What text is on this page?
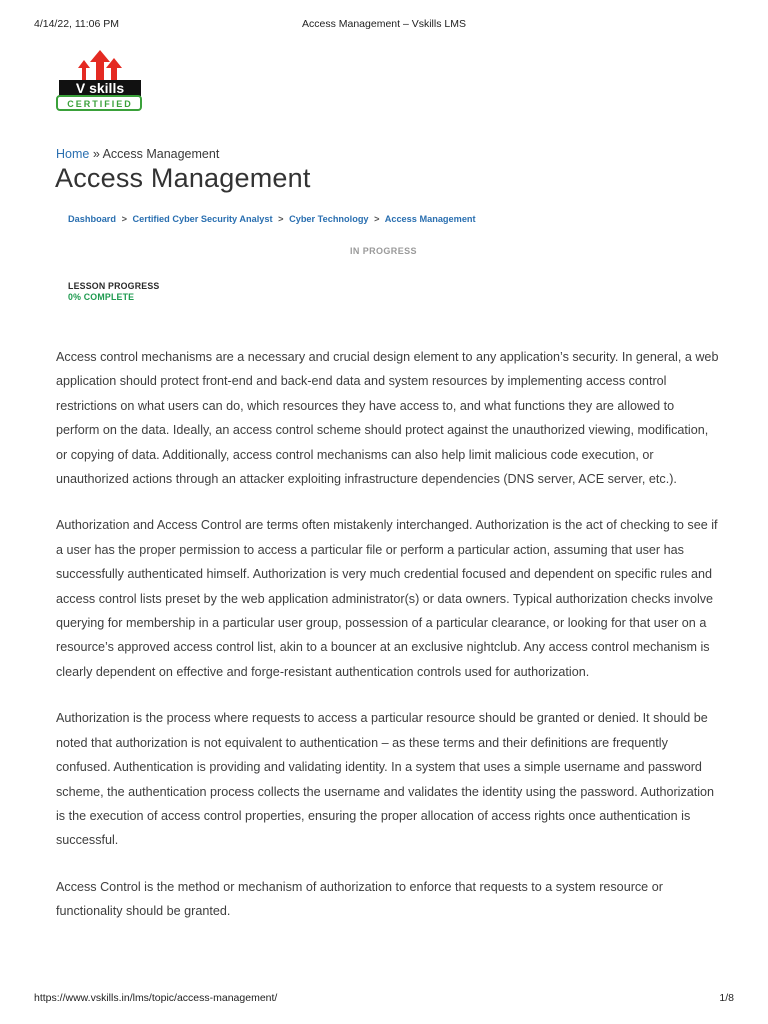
4/14/22, 11:06 PM	Access Management – Vskills LMS
V skills
CERTIFIED
Home » Access Management
Access Management
Dashboard > Certified Cyber Security Analyst > Cyber Technology > Access Management
IN PROGRESS
LESSON PROGRESS
0% COMPLETE

Access control mechanisms are a necessary and crucial design element to any application’s security. In general, a web application should protect front-end and back-end data and system resources by implementing access control restrictions on what users can do, which resources they have access to, and what functions they are allowed to perform on the data. Ideally, an access control scheme should protect against the unauthorized viewing, modification, or copying of data. Additionally, access control mechanisms can also help limit malicious code execution, or unauthorized actions through an attacker exploiting infrastructure dependencies (DNS server, ACE server, etc.).

Authorization and Access Control are terms often mistakenly interchanged. Authorization is the act of checking to see if a user has the proper permission to access a particular file or perform a particular action, assuming that user has successfully authenticated himself. Authorization is very much credential focused and dependent on specific rules and access control lists preset by the web application administrator(s) or data owners. Typical authorization checks involve querying for membership in a particular user group, possession of a particular clearance, or looking for that user on a resource’s approved access control list, akin to a bouncer at an exclusive nightclub. Any access control mechanism is clearly dependent on effective and forge-resistant authentication controls used for authorization.

Authorization is the process where requests to access a particular resource should be granted or denied. It should be noted that authorization is not equivalent to authentication – as these terms and their definitions are frequently confused. Authentication is providing and validating identity. In a system that uses a simple username and password scheme, the authentication process collects the username and validates the identity using the password. Authorization is the execution of access control properties, ensuring the proper allocation of access rights once authentication is successful.

Access Control is the method or mechanism of authorization to enforce that requests to a system resource or functionality should be granted.

https://www.vskills.in/lms/topic/access-management/	1/8
